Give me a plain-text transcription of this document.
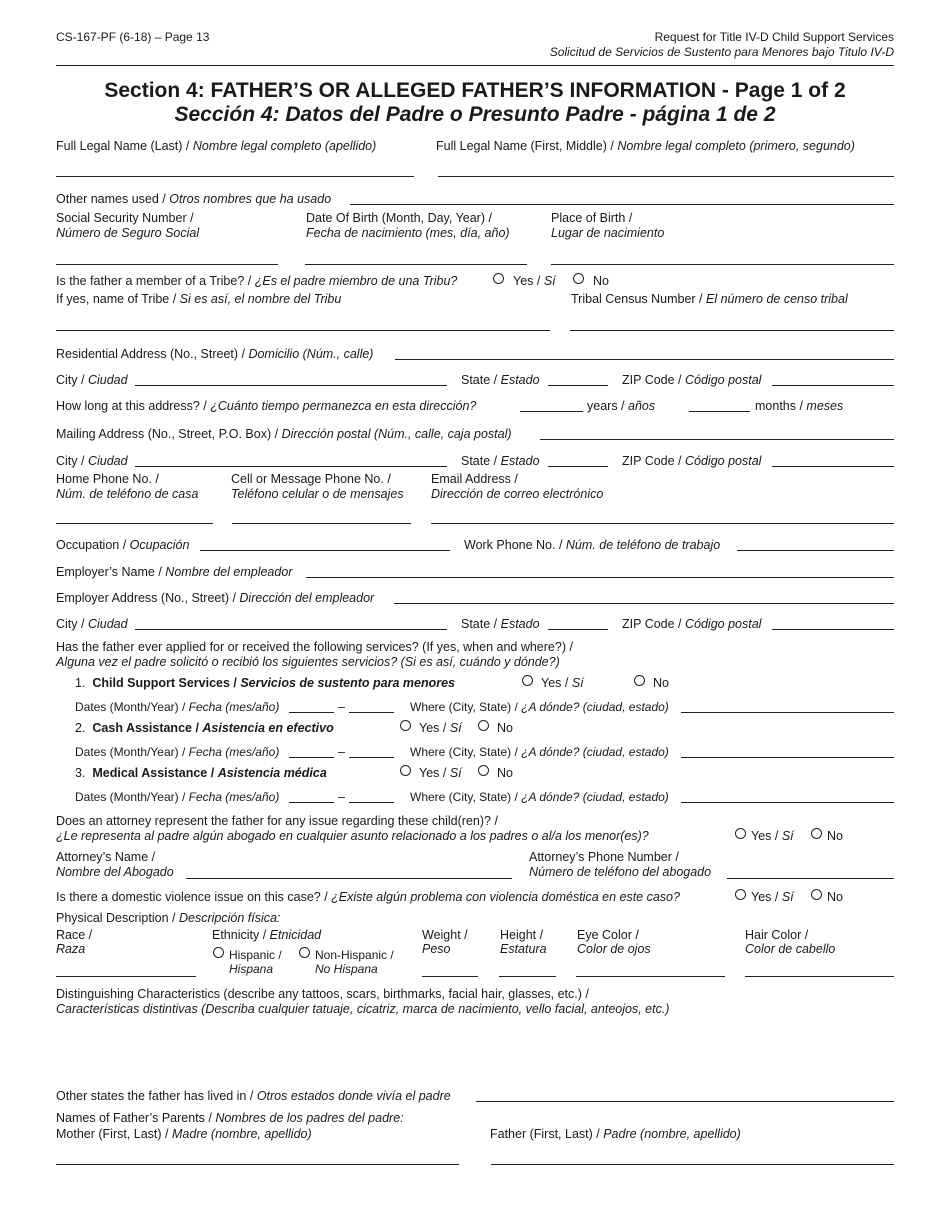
CS-167-PF (6-18) – Page 13	Request for Title IV-D Child Support Services
Solicitud de Servicios de Sustento para Menores bajo Titulo IV-D
Section 4: FATHER’S OR ALLEGED FATHER’S INFORMATION - Page 1 of 2
Sección 4: Datos del Padre o Presunto Padre - página 1 de 2
Full Legal Name (Last) / Nombre legal completo (apellido)	Full Legal Name (First, Middle) / Nombre legal completo (primero, segundo)
Other names used / Otros nombres que ha usado
Social Security Number /
Número de Seguro Social
Date Of Birth (Month, Day, Year) /
Fecha de nacimiento (mes, día, año)
Place of Birth /
Lugar de nacimiento
Is the father a member of a Tribe? / ¿Es el padre miembro de una Tribu?	Yes / Sí	No
If yes, name of Tribe / Si es así, el nombre del Tribu	Tribal Census Number / El número de censo tribal
Residential Address (No., Street) / Domicilio (Núm., calle)
City / Ciudad	State / Estado	ZIP Code / Código postal
How long at this address? / ¿Cuánto tiempo permanezca en esta dirección?	years / años	months / meses
Mailing Address (No., Street, P.O. Box) / Dirección postal (Núm., calle, caja postal)
City / Ciudad	State / Estado	ZIP Code / Código postal
Home Phone No. /
Núm. de teléfono de casa
Cell or Message Phone No. /
Teléfono celular o de mensajes
Email Address /
Dirección de correo electrónico
Occupation / Ocupación	Work Phone No. / Núm. de teléfono de trabajo
Employer’s Name / Nombre del empleador
Employer Address (No., Street) / Dirección del empleador
City / Ciudad	State / Estado	ZIP Code / Código postal
Has the father ever applied for or received the following services? (If yes, when and where?) /
Alguna vez el padre solicitó o recibió los siguientes servicios? (Si es así, cuándo y dónde?)
1. Child Support Services / Servicios de sustento para menores	Yes / Sí	No
Dates (Month/Year) / Fecha (mes/año)	–	Where (City, State) / ¿A dónde? (ciudad, estado)
2. Cash Assistance / Asistencia en efectivo	Yes / Sí	No
Dates (Month/Year) / Fecha (mes/año)	–	Where (City, State) / ¿A dónde? (ciudad, estado)
3. Medical Assistance / Asistencia médica	Yes / Sí	No
Dates (Month/Year) / Fecha (mes/año)	–	Where (City, State) / ¿A dónde? (ciudad, estado)
Does an attorney represent the father for any issue regarding these child(ren)? /
¿Le representa al padre algún abogado en cualquier asunto relacionado a los padres o al/a los menor(es)?	Yes / Sí	No
Attorney’s Name /
Nombre del Abogado
Attorney’s Phone Number /
Número de teléfono del abogado
Is there a domestic violence issue on this case? / ¿Existe algún problema con violencia doméstica en este caso?	Yes / Sí	No
Physical Description / Descripción física:
Race /
Raza
Ethnicity / Etnicidad
Hispanic /
Hispana
Non-Hispanic /
No Hispana
Weight /
Peso
Height /
Estatura
Eye Color /
Color de ojos
Hair Color /
Color de cabello
Distinguishing Characteristics (describe any tattoos, scars, birthmarks, facial hair, glasses, etc.) /
Características distintivas (Describa cualquier tatuaje, cicatriz, marca de nacimiento, vello facial, anteojos, etc.)
Other states the father has lived in / Otros estados donde vivía el padre
Names of Father’s Parents / Nombres de los padres del padre:
Mother (First, Last) / Madre (nombre, apellido)	Father (First, Last) / Padre (nombre, apellido)
